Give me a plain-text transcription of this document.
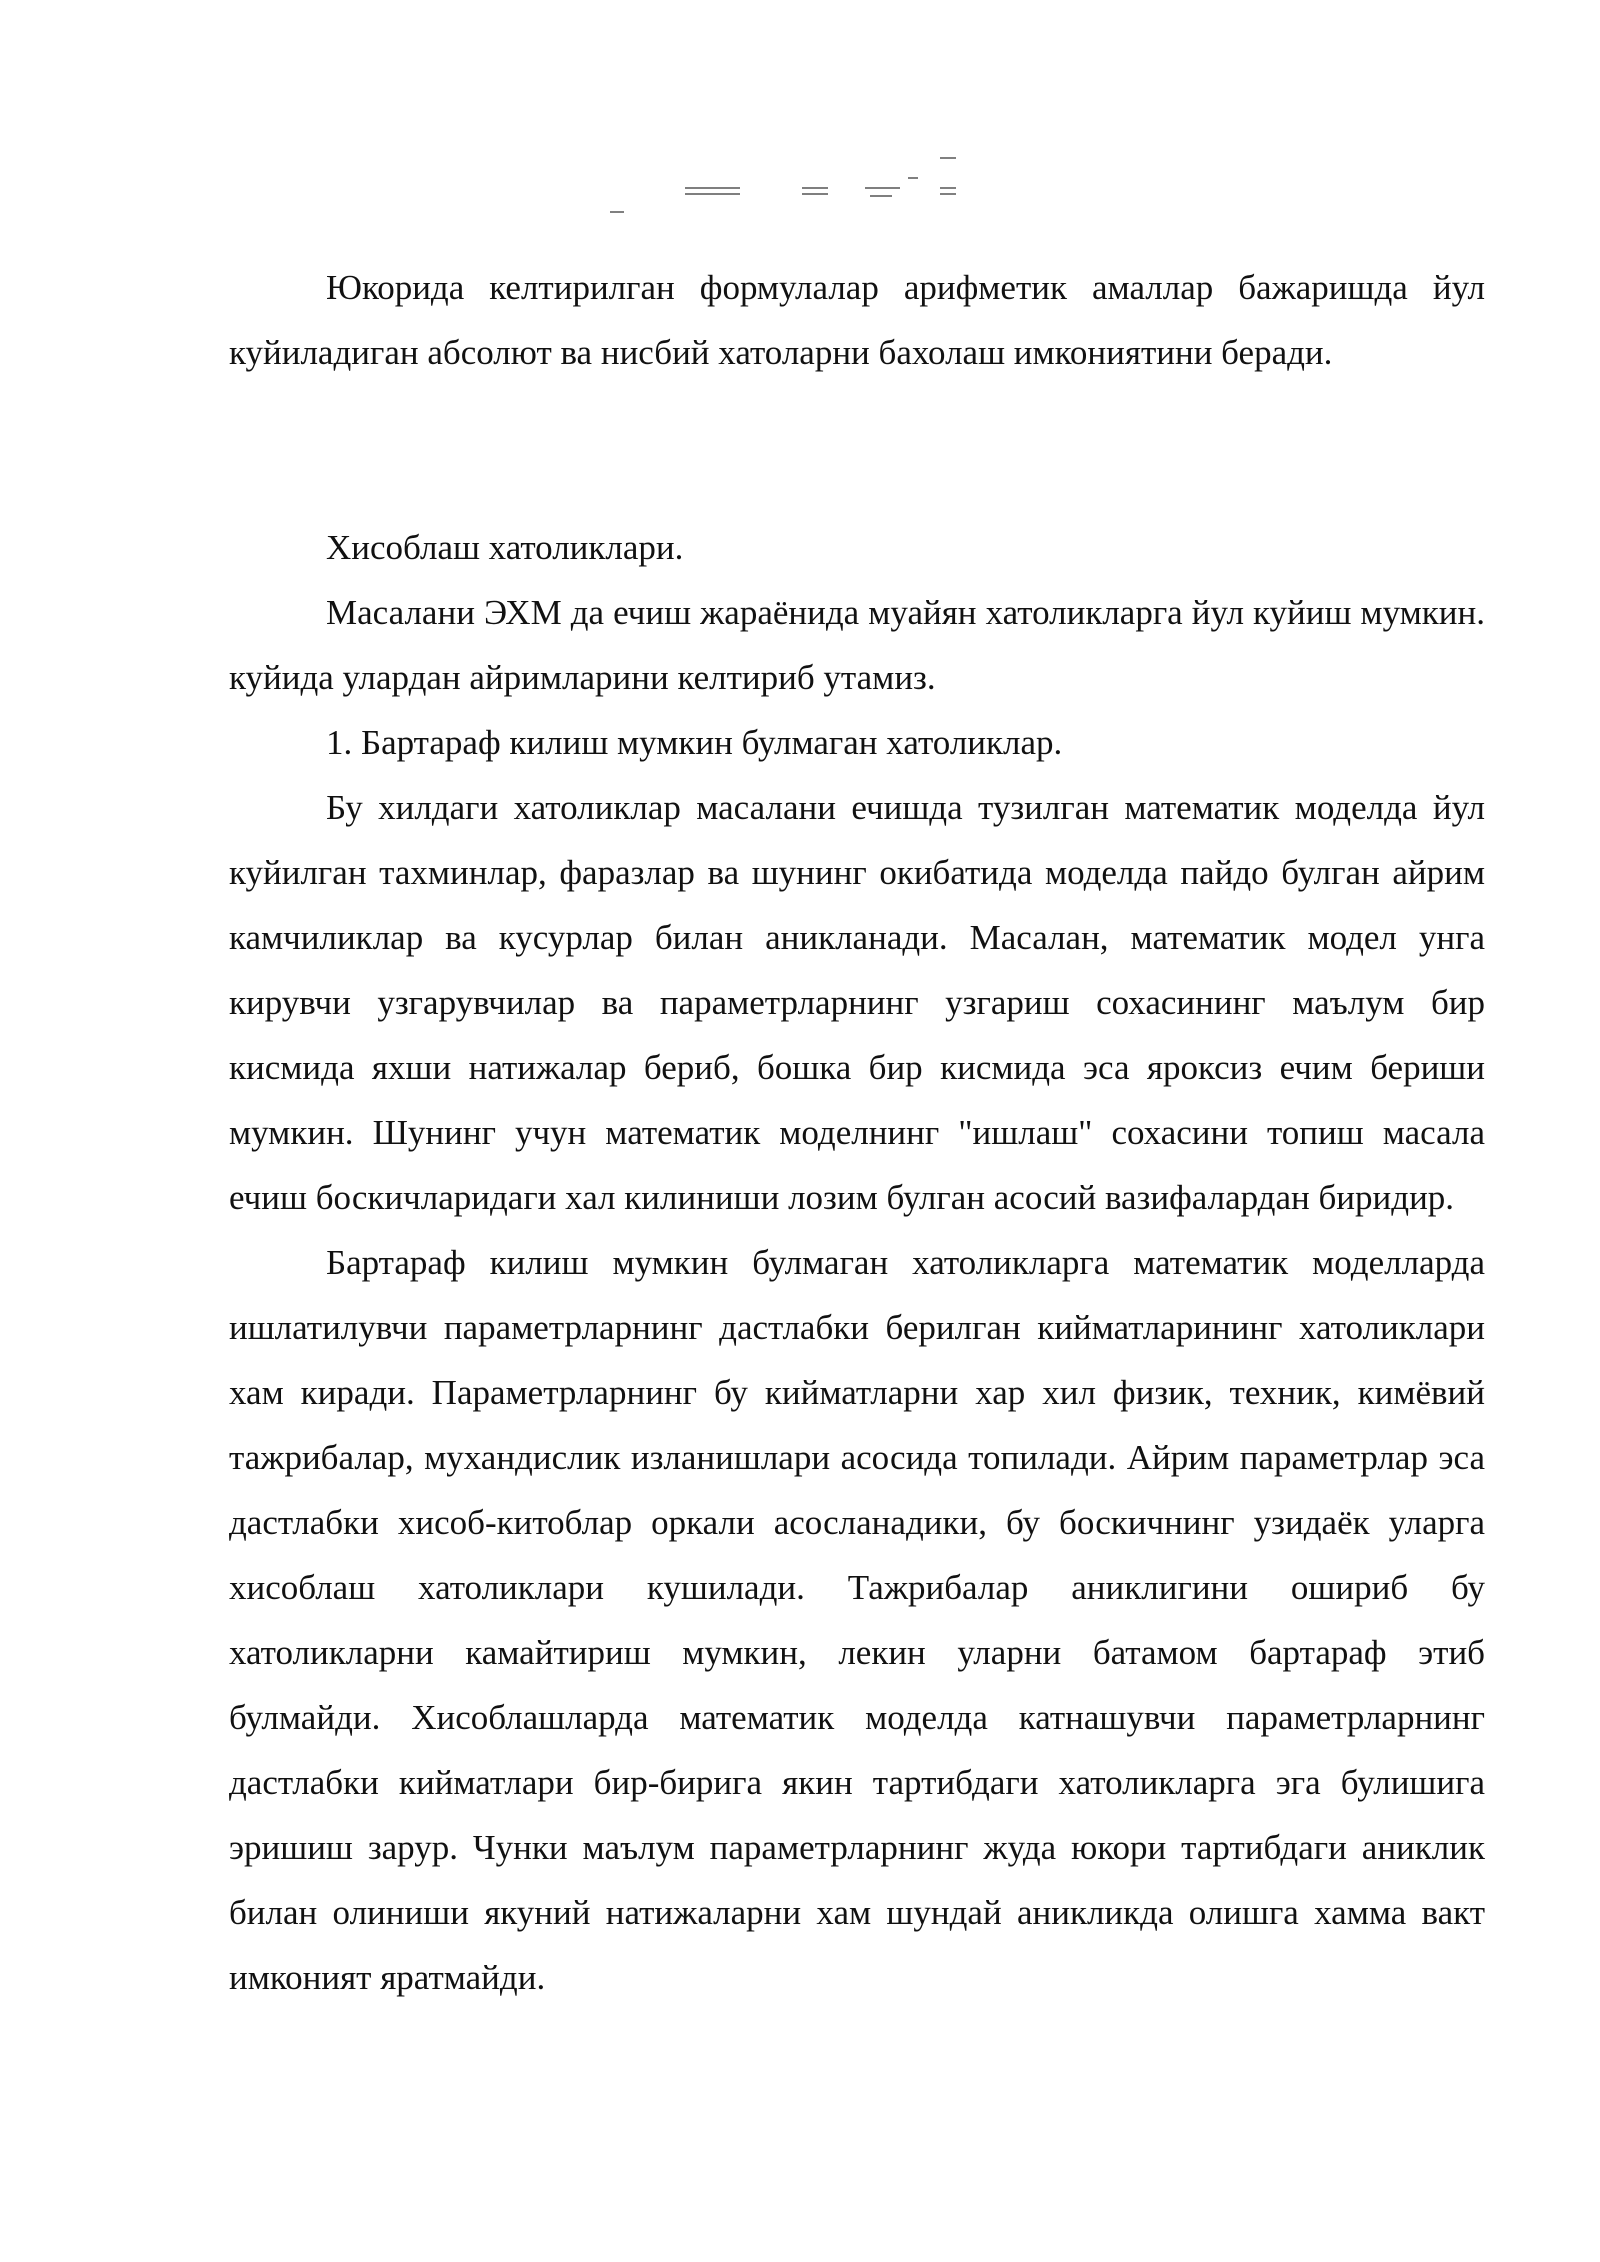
Юкорида келтирилган формулалар арифметик амаллар бажаришда йул куйиладиган абсолют ва нисбий хатоларни бахолаш имкониятини беради.

Хисоблаш хатоликлари.

Масалани ЭХМ да ечиш жараёнида муайян хатоликларга йул куйиш мумкин. куйида улардан айримларини келтириб утамиз.

1. Бартараф килиш мумкин булмаган хатоликлар.

Бу хилдаги хатоликлар масалани ечишда тузилган математик моделда йул куйилган тахминлар, фаразлар ва шунинг окибатида моделда пайдо булган айрим камчиликлар ва кусурлар билан аникланади. Масалан, математик модел унга кирувчи узгарувчилар ва параметрларнинг узгариш сохасининг маълум бир кисмида яхши натижалар бериб, бошка бир кисмида эса яроксиз ечим бериши мумкин. Шунинг учун математик моделнинг "ишлаш" сохасини топиш масала ечиш боскичларидаги хал килиниши лозим булган асосий вазифалардан биридир.

Бартараф килиш мумкин булмаган хатоликларга математик моделларда ишлатилувчи параметрларнинг дастлабки берилган кийматларининг хатоликлари хам киради. Параметрларнинг бу кийматларни хар хил физик, техник, кимёвий тажрибалар, мухандислик изланишлари асосида топилади. Айрим параметрлар эса дастлабки хисоб-китоблар оркали асосланадики, бу боскичнинг узидаёк уларга хисоблаш хатоликлари кушилади. Тажрибалар аниклигини ошириб бу хатоликларни камайтириш мумкин, лекин уларни батамом бартараф этиб булмайди. Хисоблашларда математик моделда катнашувчи параметрларнинг дастлабки кийматлари бир-бирига якин тартибдаги хатоликларга эга булишига эришиш зарур. Чунки маълум параметрларнинг жуда юкори тартибдаги аниклик билан олиниши якуний натижаларни хам шундай аникликда олишга хамма вакт имконият яратмайди.
